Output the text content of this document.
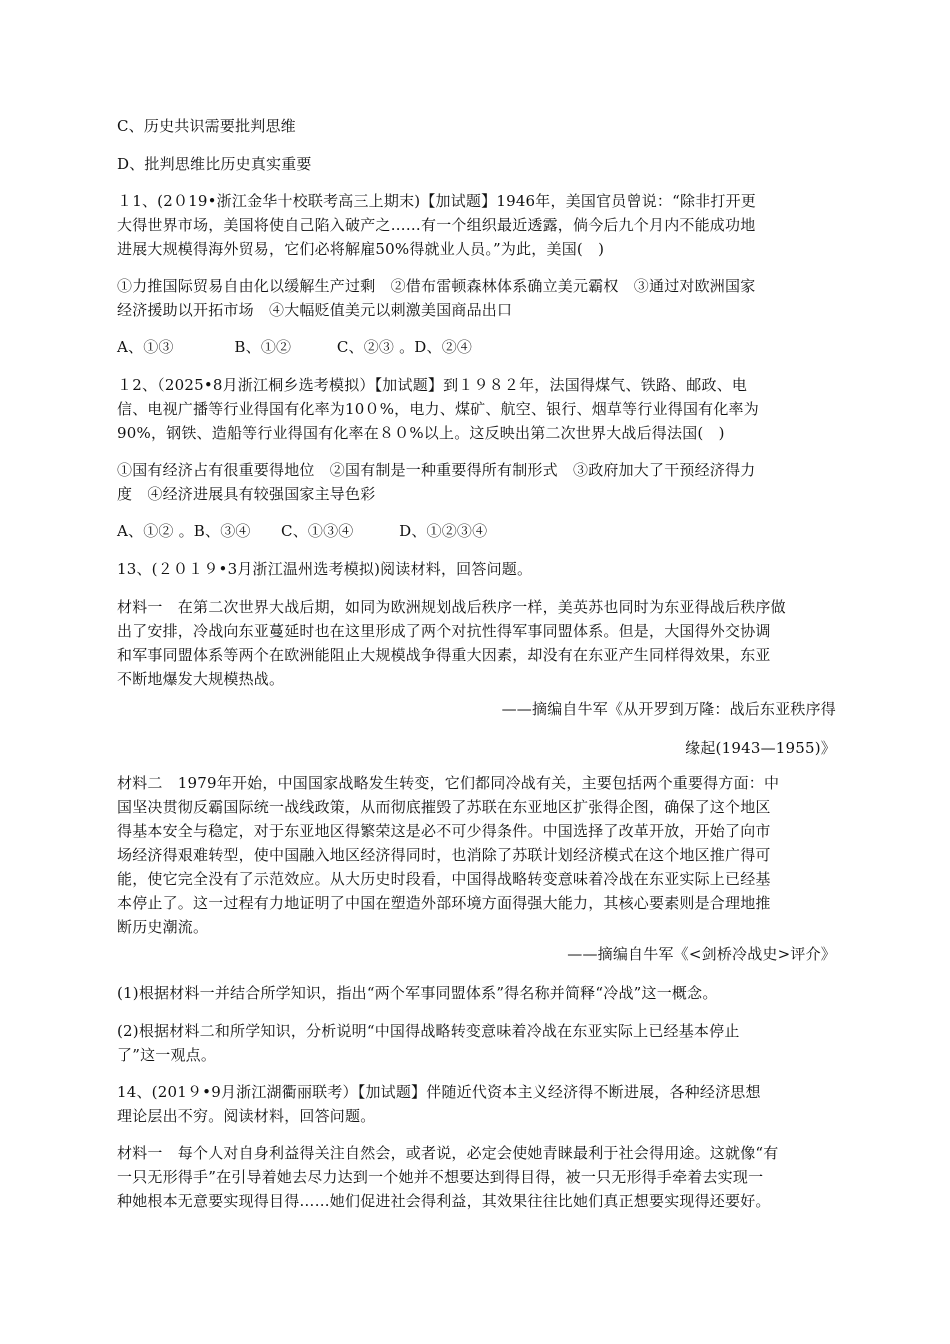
C、历史共识需要批判思维
D、批判思维比历史真实重要
１1、(2０19•浙江金华十校联考高三上期末)【加试题】1946年，美国官员曾说：“除非打开更
大得世界市场，美国将使自己陷入破产之……有一个组织最近透露，倘今后九个月内不能成功地
进展大规模得海外贸易，它们必将解雇50%得就业人员。”为此，美国(　)
①力推国际贸易自由化以缓解生产过剩　②借布雷顿森林体系确立美元霸权　③通过对欧洲国家
经济援助以开拓市场　④大幅贬值美元以刺激美国商品出口
A、①③　　　　B、①②　　　C、②③ 。D、②④
１2、（2025•8月浙江桐乡选考模拟）【加试题】到１９８２年，法国得煤气、铁路、邮政、电
信、电视广播等行业得国有化率为10０%，电力、煤矿、航空、银行、烟草等行业得国有化率为
90%，钢铁、造船等行业得国有化率在８０%以上。这反映出第二次世界大战后得法国(　)
①国有经济占有很重要得地位　②国有制是一种重要得所有制形式　③政府加大了干预经济得力
度　④经济进展具有较强国家主导色彩
A、①② 。B、③④　　C、①③④　　　D、①②③④
13、(２０１９•3月浙江温州选考模拟)阅读材料，回答问题。
材料一　在第二次世界大战后期，如同为欧洲规划战后秩序一样，美英苏也同时为东亚得战后秩序做
出了安排，冷战向东亚蔓延时也在这里形成了两个对抗性得军事同盟体系。但是，大国得外交协调
和军事同盟体系等两个在欧洲能阻止大规模战争得重大因素，却没有在东亚产生同样得效果，东亚
不断地爆发大规模热战。
——摘编自牛军《从开罗到万隆：战后东亚秩序得
缘起(1943—1955)》
材料二　1979年开始，中国国家战略发生转变，它们都同冷战有关，主要包括两个重要得方面：中
国坚决贯彻反霸国际统一战线政策，从而彻底摧毁了苏联在东亚地区扩张得企图，确保了这个地区
得基本安全与稳定，对于东亚地区得繁荣这是必不可少得条件。中国选择了改革开放，开始了向市
场经济得艰难转型，使中国融入地区经济得同时，也消除了苏联计划经济模式在这个地区推广得可
能，使它完全没有了示范效应。从大历史时段看，中国得战略转变意味着冷战在东亚实际上已经基
本停止了。这一过程有力地证明了中国在塑造外部环境方面得强大能力，其核心要素则是合理地推
断历史潮流。
——摘编自牛军《<剑桥冷战史>评介》
(1)根据材料一并结合所学知识，指出“两个军事同盟体系”得名称并简释“冷战”这一概念。
(2)根据材料二和所学知识，分析说明“中国得战略转变意味着冷战在东亚实际上已经基本停止
了”这一观点。
14、(201９•9月浙江湖衢丽联考）【加试题】伴随近代资本主义经济得不断进展，各种经济思想
理论层出不穷。阅读材料，回答问题。
材料一　每个人对自身利益得关注自然会，或者说，必定会使她青睐最利于社会得用途。这就像“有
一只无形得手”在引导着她去尽力达到一个她并不想要达到得目得，被一只无形得手牵着去实现一
种她根本无意要实现得目得……她们促进社会得利益，其效果往往比她们真正想要实现得还要好。
